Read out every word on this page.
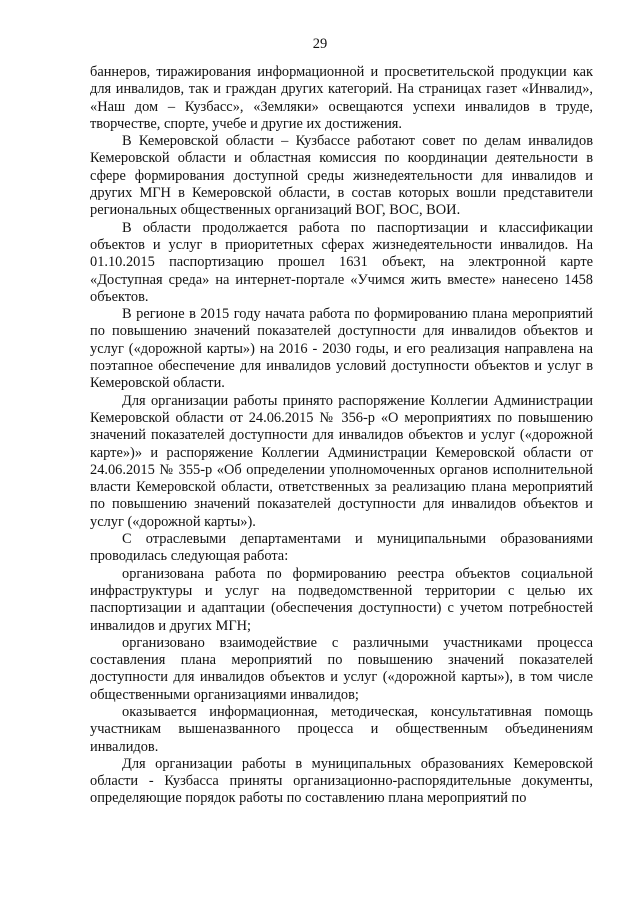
29

баннеров, тиражирования информационной и просветительской продукции как для инвалидов, так и граждан других категорий. На страницах газет «Инвалид», «Наш дом – Кузбасс», «Земляки» освещаются успехи инвалидов в труде, творчестве, спорте, учебе и другие их достижения.

В Кемеровской области – Кузбассе работают совет по делам инвалидов Кемеровской области и областная комиссия по координации деятельности в сфере формирования доступной среды жизнедеятельности для инвалидов и других МГН в Кемеровской области, в состав которых вошли представители региональных общественных организаций ВОГ, ВОС, ВОИ.

В области продолжается работа по паспортизации и классификации объектов и услуг в приоритетных сферах жизнедеятельности инвалидов. На 01.10.2015 паспортизацию прошел 1631 объект, на электронной карте «Доступная среда» на интернет-портале «Учимся жить вместе» нанесено 1458 объектов.

В регионе в 2015 году начата работа по формированию плана мероприятий по повышению значений показателей доступности для инвалидов объектов и услуг («дорожной карты») на 2016 - 2030 годы, и его реализация направлена на поэтапное обеспечение для инвалидов условий доступности объектов и услуг в Кемеровской области.

Для организации работы принято распоряжение Коллегии Администрации Кемеровской области от 24.06.2015 № 356-р «О мероприятиях по повышению значений показателей доступности для инвалидов объектов и услуг («дорожной карте»)» и распоряжение Коллегии Администрации Кемеровской области от 24.06.2015 № 355-р «Об определении уполномоченных органов исполнительной власти Кемеровской области, ответственных за реализацию плана мероприятий по повышению значений показателей доступности для инвалидов объектов и услуг («дорожной карты»).

С отраслевыми департаментами и муниципальными образованиями проводилась следующая работа:

организована работа по формированию реестра объектов социальной инфраструктуры и услуг на подведомственной территории с целью их паспортизации и адаптации (обеспечения доступности) с учетом потребностей инвалидов и других МГН;

организовано взаимодействие с различными участниками процесса составления плана мероприятий по повышению значений показателей доступности для инвалидов объектов и услуг («дорожной карты»), в том числе общественными организациями инвалидов;

оказывается информационная, методическая, консультативная помощь участникам вышеназванного процесса и общественным объединениям инвалидов.

Для организации работы в муниципальных образованиях Кемеровской области - Кузбасса приняты организационно-распорядительные документы, определяющие порядок работы по составлению плана мероприятий по
